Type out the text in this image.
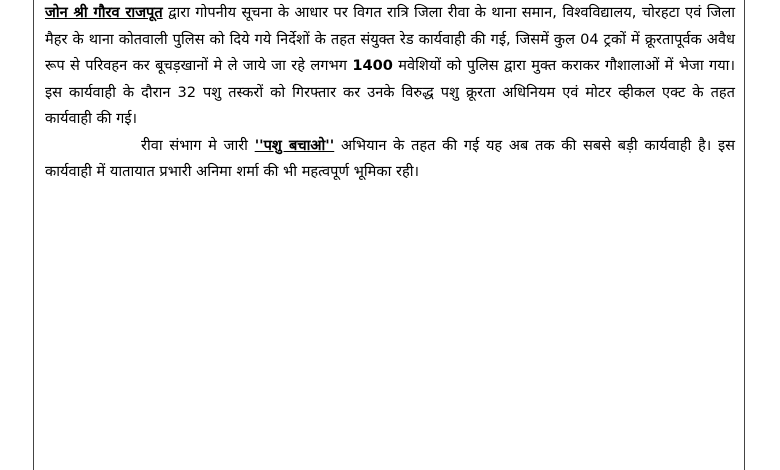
जोन श्री गौरव राजपूत द्वारा गोपनीय सूचना के आधार पर विगत रात्रि जिला रीवा के थाना समान, विश्वविद्यालय, चोरहटा एवं जिला मैहर के थाना कोतवाली पुलिस को दिये गये निर्देशों के तहत संयुक्त रेड कार्यवाही की गई, जिसमें कुल 04 ट्रकों में क्रूरतापूर्वक अवैध रूप से परिवहन कर बूचड़खानों मे ले जाये जा रहे लगभग 1400 मवेशियों को पुलिस द्वारा मुक्त कराकर गौशालाओं में भेजा गया। इस कार्यवाही के दौरान 32 पशु तस्करों को गिरफ्तार कर उनके विरुद्ध पशु क्रूरता अधिनियम एवं मोटर व्हीकल एक्ट के तहत कार्यवाही की गई।

रीवा संभाग मे जारी ''पशु बचाओ'' अभियान के तहत की गई यह अब तक की सबसे बड़ी कार्यवाही है। इस कार्यवाही में यातायात प्रभारी अनिमा शर्मा की भी महत्वपूर्ण भूमिका रही।
